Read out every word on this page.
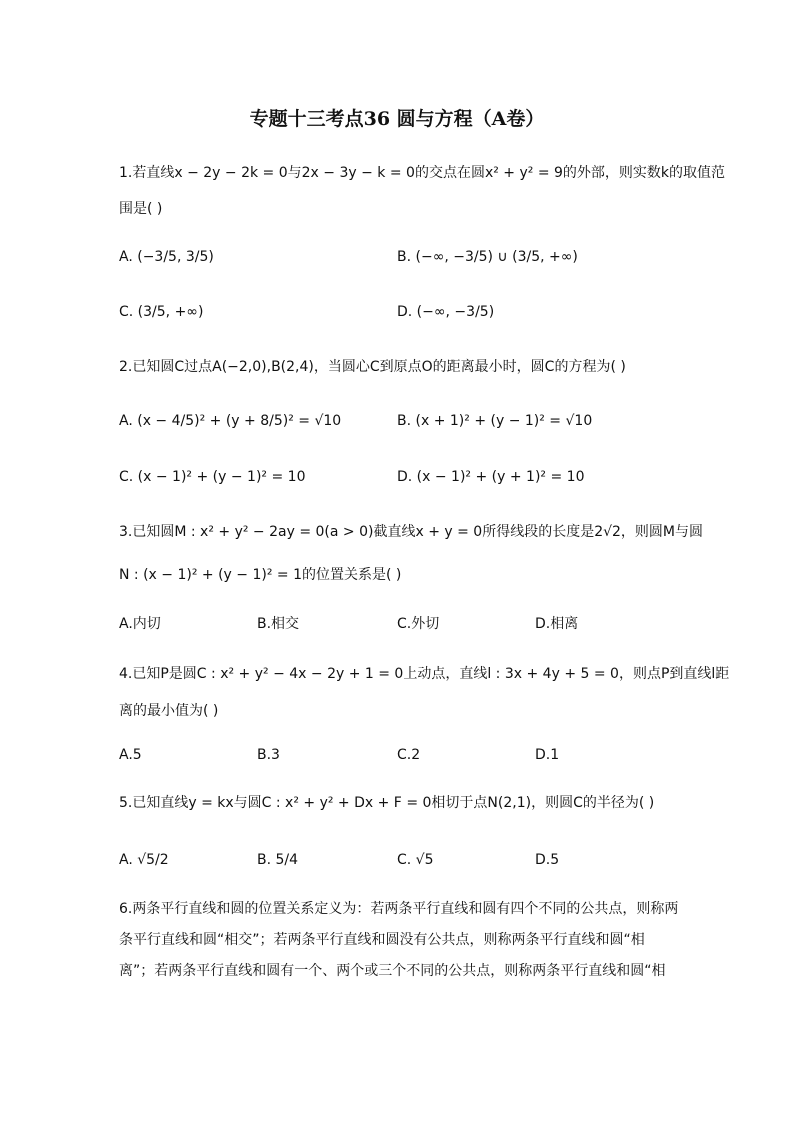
专题十三考点36 圆与方程（A卷）
1.若直线x − 2y − 2k = 0与2x − 3y − k = 0的交点在圆x² + y² = 9的外部，则实数k的取值范
围是( )
A. (−3/5, 3/5)	B. (−∞, −3/5) ∪ (3/5, +∞)
C. (3/5, +∞)	D. (−∞, −3/5)
2.已知圆C过点A(−2,0),B(2,4)，当圆心C到原点O的距离最小时，圆C的方程为( )
A. (x − 4/5)² + (y + 8/5)² = √10	B. (x + 1)² + (y − 1)² = √10
C. (x − 1)² + (y − 1)² = 10	D. (x − 1)² + (y + 1)² = 10
3.已知圆M : x² + y² − 2ay = 0(a > 0)截直线x + y = 0所得线段的长度是2√2，则圆M与圆
N : (x − 1)² + (y − 1)² = 1的位置关系是( )
A.内切	B.相交	C.外切	D.相离
4.已知P是圆C : x² + y² − 4x − 2y + 1 = 0上动点，直线l : 3x + 4y + 5 = 0，则点P到直线l距
离的最小值为( )
A.5	B.3	C.2	D.1
5.已知直线y = kx与圆C : x² + y² + Dx + F = 0相切于点N(2,1)，则圆C的半径为( )
A. √5/2	B. 5/4	C. √5	D.5
6.两条平行直线和圆的位置关系定义为：若两条平行直线和圆有四个不同的公共点，则称两
条平行直线和圆“相交”；若两条平行直线和圆没有公共点，则称两条平行直线和圆“相
离”；若两条平行直线和圆有一个、两个或三个不同的公共点，则称两条平行直线和圆“相
